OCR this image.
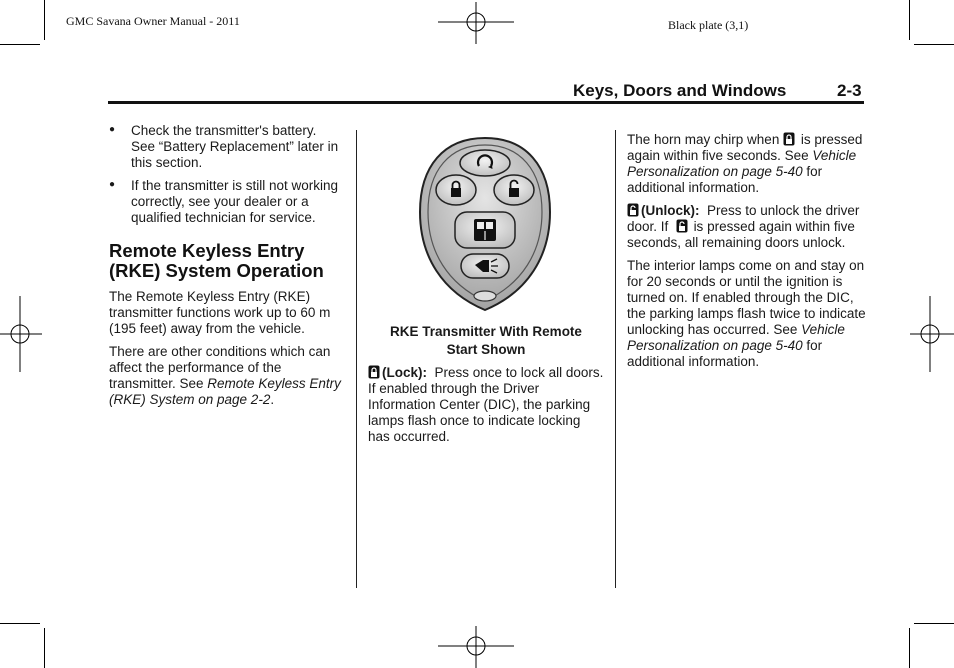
GMC Savana Owner Manual - 2011	Black plate (3,1)
Keys, Doors and Windows	2-3
● Check the transmitter's battery. See “Battery Replacement” later in this section.
● If the transmitter is still not working correctly, see your dealer or a qualified technician for service.
Remote Keyless Entry
(RKE) System Operation

The Remote Keyless Entry (RKE) transmitter functions work up to 60 m (195 feet) away from the vehicle.

There are other conditions which can affect the performance of the transmitter. See Remote Keyless Entry (RKE) System on page 2-2.

RKE Transmitter With Remote
Start Shown

(Lock): Press once to lock all doors. If enabled through the Driver Information Center (DIC), the parking lamps flash once to indicate locking has occurred.

The horn may chirp when is pressed again within five seconds. See Vehicle Personalization on page 5-40 for additional information.

(Unlock): Press to unlock the driver door. If is pressed again within five seconds, all remaining doors unlock.

The interior lamps come on and stay on for 20 seconds or until the ignition is turned on. If enabled through the DIC, the parking lamps flash twice to indicate unlocking has occurred. See Vehicle Personalization on page 5-40 for additional information.
